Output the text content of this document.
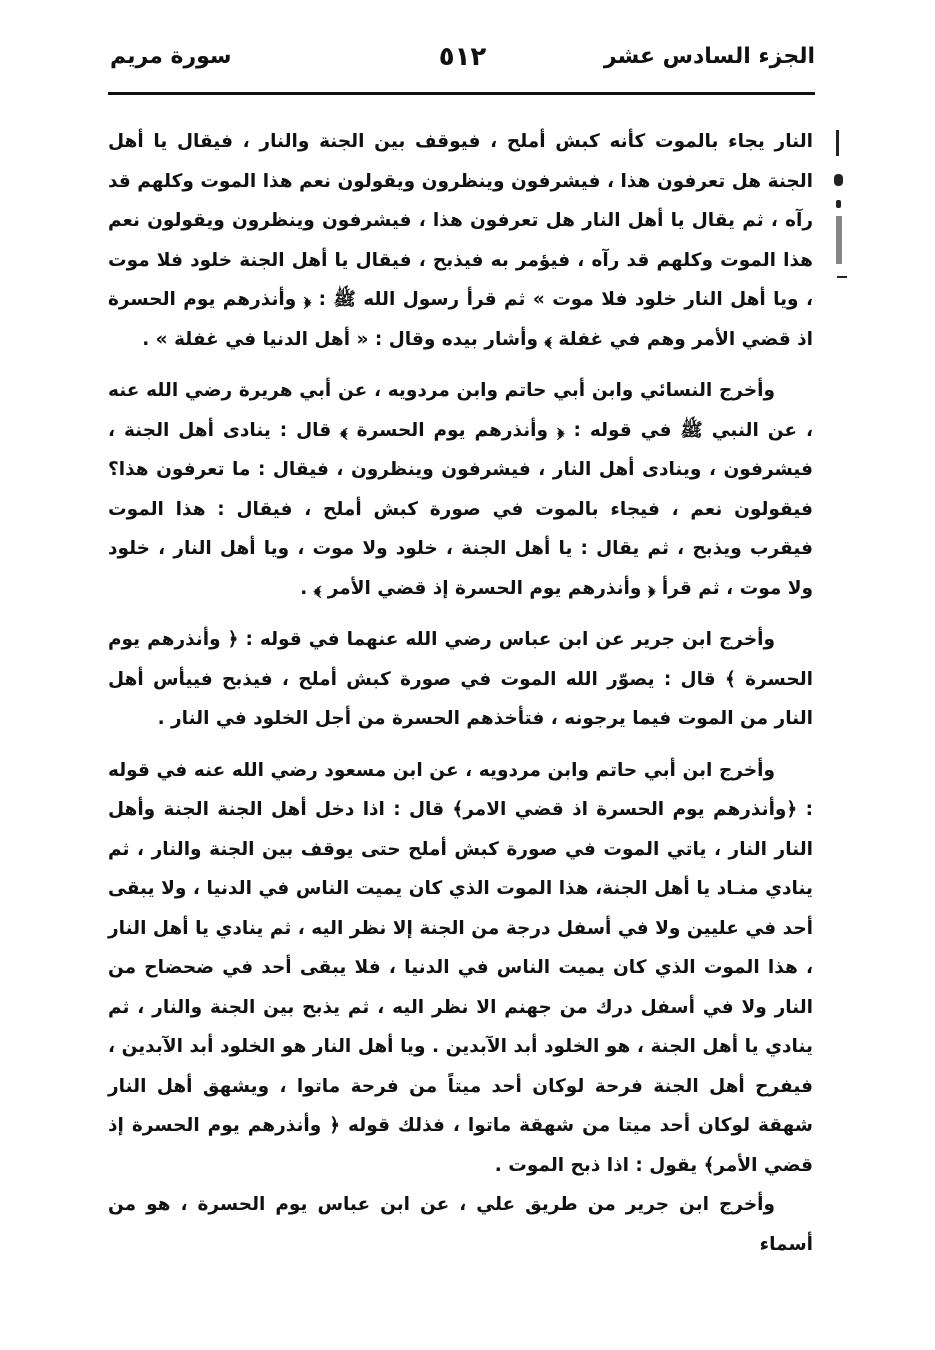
الجزء السادس عشر
٥١٢
سورة مريم

النار يجاء بالموت كأنه كبش أملح ، فيوقف بين الجنة والنار ، فيقال يا أهل الجنة هل تعرفون هذا ، فيشرفون وينظرون ويقولون نعم هذا الموت وكلهم قد رآه ، ثم يقال يا أهل النار هل تعرفون هذا ، فيشرفون وينظرون ويقولون نعم هذا الموت وكلهم قد رآه ، فيؤمر به فيذبح ، فيقال يا أهل الجنة خلود فلا موت ، ويا أهل النار خلود فلا موت » ثم قرأ رسول الله ﷺ : ﴿ وأنذرهم يوم الحسرة اذ قضي الأمر وهم في غفلة ﴾ وأشار بيده وقال : « أهل الدنيا في غفلة » .

وأخرج النسائي وابن أبي حاتم وابن مردويه ، عن أبي هريرة رضي الله عنه ، عن النبي ﷺ في قوله : ﴿ وأنذرهم يوم الحسرة ﴾ قال : ينادى أهل الجنة ، فيشرفون ، وينادى أهل النار ، فيشرفون وينظرون ، فيقال : ما تعرفون هذا؟فيقولون نعم ، فيجاء بالموت في صورة كبش أملح ، فيقال : هذا الموت فيقرب ويذبح ، ثم يقال : يا أهل الجنة ، خلود ولا موت ، ويا أهل النار ، خلود ولا موت ، ثم قرأ ﴿ وأنذرهم يوم الحسرة إذ قضي الأمر ﴾ .

وأخرج ابن جرير عن ابن عباس رضي الله عنهما في قوله : ﴿ وأنذرهم يوم الحسرة ﴾ قال : يصوّر الله الموت في صورة كبش أملح ، فيذبح فييأس أهل النار من الموت فيما يرجونه ، فتأخذهم الحسرة من أجل الخلود في النار .

وأخرج ابن أبي حاتم وابن مردويه ، عن ابن مسعود رضي الله عنه في قوله : ﴿وأنذرهم يوم الحسرة اذ قضي الامر﴾ قال : اذا دخل أهل الجنة الجنة وأهل النار النار ، ياتي الموت في صورة كبش أملح حتى يوقف بين الجنة والنار ، ثم ينادي منـاد يا أهل الجنة، هذا الموت الذي كان يميت الناس في الدنيا ، ولا يبقى أحد في عليين ولا في أسفل درجة من الجنة إلا نظر اليه ، ثم ينادي يا أهل النار ، هذا الموت الذي كان يميت الناس في الدنيا ، فلا يبقى أحد في ضحضاح من النار ولا في أسفل درك من جهنم الا نظر اليه ، ثم يذبح بين الجنة والنار ، ثم ينادي يا أهل الجنة ، هو الخلود أبد الآبدين . ويا أهل النار هو الخلود أبد الآبدين ، فيفرح أهل الجنة فرحة لوكان أحد ميتاً من فرحة ماتوا ، ويشهق أهل النار شهقة لوكان أحد ميتا من شهقة ماتوا ، فذلك قوله ﴿ وأنذرهم يوم الحسرة إذ قضي الأمر﴾ يقول : اذا ذبح الموت .

وأخرج ابن جرير من طريق علي ، عن ابن عباس يوم الحسرة ، هو من أسماء
